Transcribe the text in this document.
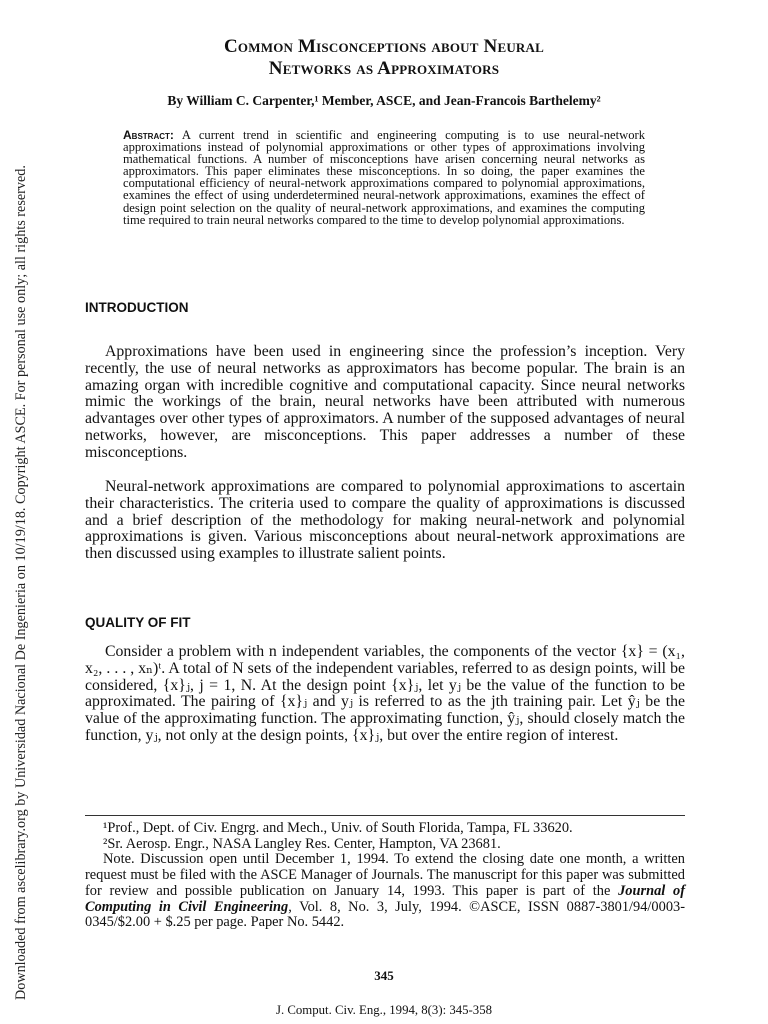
Downloaded from ascelibrary.org by Universidad Nacional De Ingenieria on 10/19/18. Copyright ASCE. For personal use only; all rights reserved.
Common Misconceptions about Neural
Networks as Approximators
By William C. Carpenter,¹ Member, ASCE, and Jean-Francois Barthelemy²
Abstract: A current trend in scientific and engineering computing is to use neural-network approximations instead of polynomial approximations or other types of approximations involving mathematical functions. A number of misconceptions have arisen concerning neural networks as approximators. This paper eliminates these misconceptions. In so doing, the paper examines the computational efficiency of neural-network approximations compared to polynomial approximations, examines the effect of using underdetermined neural-network approximations, examines the effect of design point selection on the quality of neural-network approximations, and examines the computing time required to train neural networks compared to the time to develop polynomial approximations.
INTRODUCTION

Approximations have been used in engineering since the profession’s inception. Very recently, the use of neural networks as approximators has become popular. The brain is an amazing organ with incredible cognitive and computational capacity. Since neural networks mimic the workings of the brain, neural networks have been attributed with numerous advantages over other types of approximators. A number of the supposed advantages of neural networks, however, are misconceptions. This paper addresses a number of these misconceptions.

Neural-network approximations are compared to polynomial approximations to ascertain their characteristics. The criteria used to compare the quality of approximations is discussed and a brief description of the methodology for making neural-network and polynomial approximations is given. Various misconceptions about neural-network approximations are then discussed using examples to illustrate salient points.

QUALITY OF FIT

Consider a problem with n independent variables, the components of the vector {x} = (x₁, x₂, . . . , xₙ)ᵗ. A total of N sets of the independent variables, referred to as design points, will be considered, {x}ⱼ, j = 1, N. At the design point {x}ⱼ, let yⱼ be the value of the function to be approximated. The pairing of {x}ⱼ and yⱼ is referred to as the jth training pair. Let ŷⱼ be the value of the approximating function. The approximating function, ŷⱼ, should closely match the function, yⱼ, not only at the design points, {x}ⱼ, but over the entire region of interest.

¹Prof., Dept. of Civ. Engrg. and Mech., Univ. of South Florida, Tampa, FL 33620.

²Sr. Aerosp. Engr., NASA Langley Res. Center, Hampton, VA 23681.

Note. Discussion open until December 1, 1994. To extend the closing date one month, a written request must be filed with the ASCE Manager of Journals. The manuscript for this paper was submitted for review and possible publication on January 14, 1993. This paper is part of the Journal of Computing in Civil Engineering, Vol. 8, No. 3, July, 1994. ©ASCE, ISSN 0887-3801/94/0003-0345/$2.00 + $.25 per page. Paper No. 5442.

345
J. Comput. Civ. Eng., 1994, 8(3): 345-358
